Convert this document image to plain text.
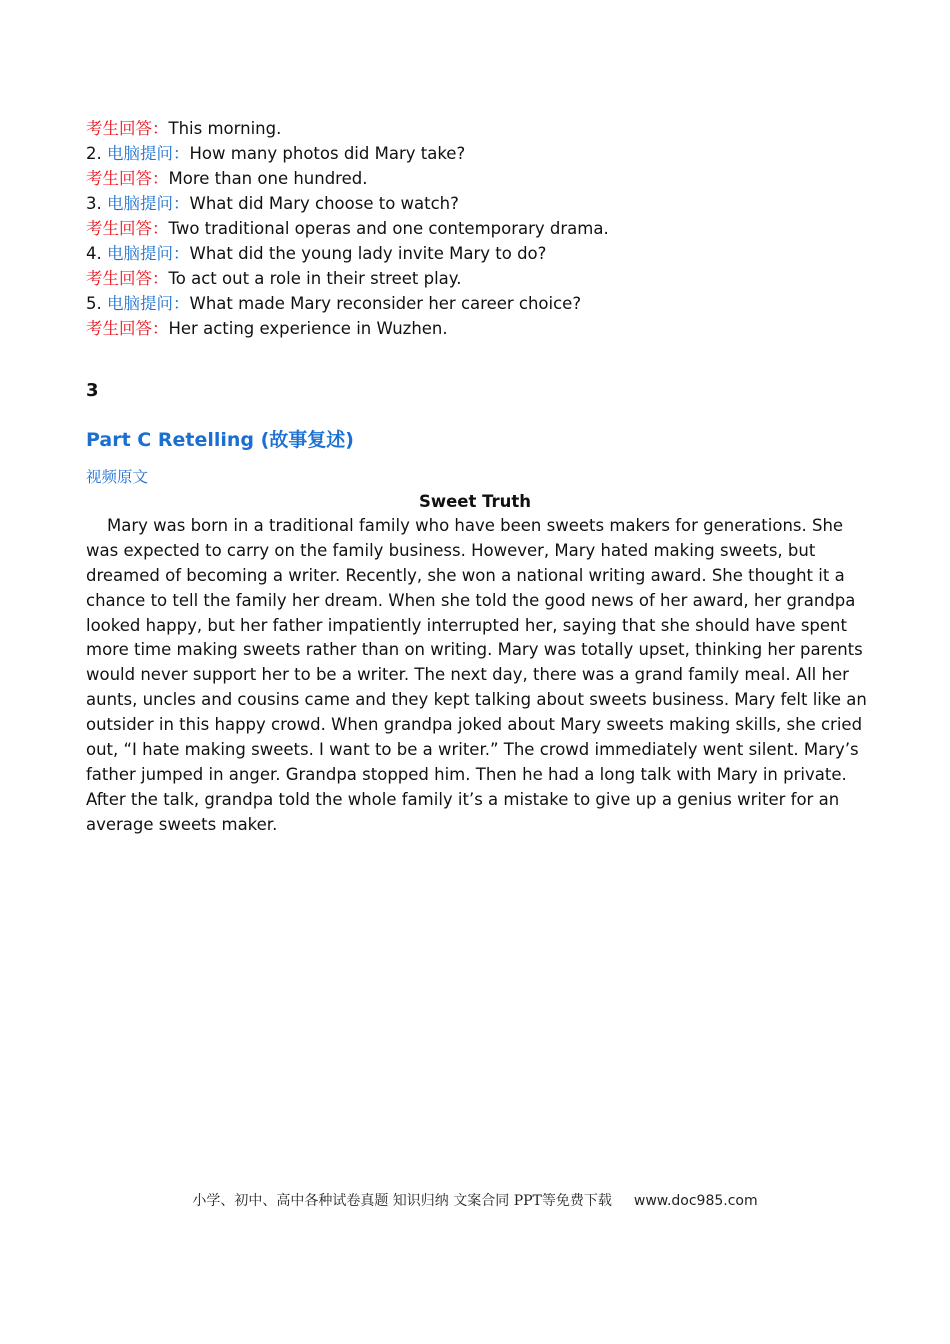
考生回答：This morning.
2. 电脑提问：How many photos did Mary take?
考生回答：More than one hundred.
3. 电脑提问：What did Mary choose to watch?
考生回答：Two traditional operas and one contemporary drama.
4. 电脑提问：What did the young lady invite Mary to do?
考生回答：To act out a role in their street play.
5. 电脑提问：What made Mary reconsider her career choice?
考生回答：Her acting experience in Wuzhen.
3
Part C Retelling (故事复述)
视频原文
Sweet Truth
Mary was born in a traditional family who have been sweets makers for generations. She
was expected to carry on the family business. However, Mary hated making sweets, but
dreamed of becoming a writer. Recently, she won a national writing award. She thought it a
chance to tell the family her dream. When she told the good news of her award, her grandpa
looked happy, but her father impatiently interrupted her, saying that she should have spent
more time making sweets rather than on writing. Mary was totally upset, thinking her parents
would never support her to be a writer. The next day, there was a grand family meal. All her
aunts, uncles and cousins came and they kept talking about sweets business. Mary felt like an
outsider in this happy crowd. When grandpa joked about Mary sweets making skills, she cried
out, “I hate making sweets. I want to be a writer.” The crowd immediately went silent. Mary’s
father jumped in anger. Grandpa stopped him. Then he had a long talk with Mary in private.
After the talk, grandpa told the whole family it’s a mistake to give up a genius writer for an
average sweets maker.
小学、初中、高中各种试卷真题 知识归纳 文案合同 PPT等免费下载 www.doc985.com
